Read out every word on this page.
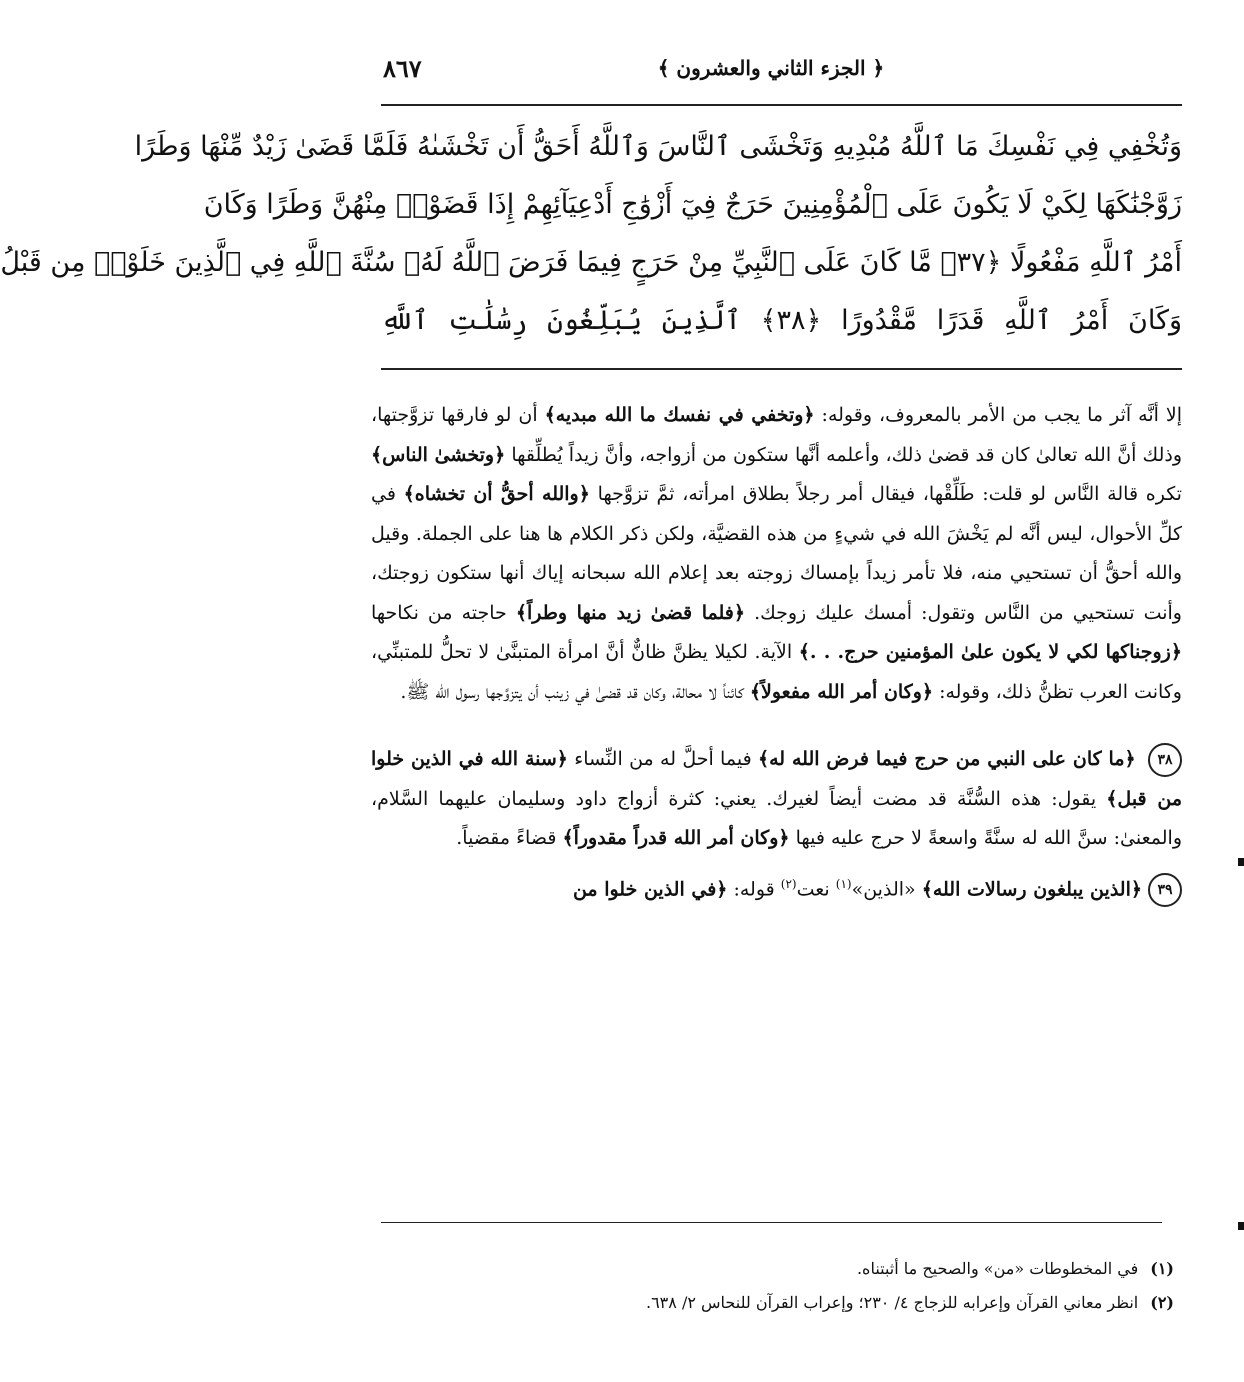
﴿ الجزء الثاني والعشرون ﴾
٨٦٧
وَتُخْفِي فِي نَفْسِكَ مَا ٱللَّهُ مُبْدِيهِ وَتَخْشَى ٱلنَّاسَ وَٱللَّهُ أَحَقُّ أَن تَخْشَىٰهُ فَلَمَّا قَضَىٰ زَيْدٌ مِّنْهَا وَطَرًا
زَوَّجْنَٰكَهَا لِكَيْ لَا يَكُونَ عَلَى ٱلْمُؤْمِنِينَ حَرَجٌ فِيٓ أَزْوَٰجِ أَدْعِيَآئِهِمْ إِذَا قَضَوْا۟ مِنْهُنَّ وَطَرًا وَكَانَ
أَمْرُ ٱللَّهِ مَفْعُولًا ﴿٣٧﴾ مَّا كَانَ عَلَى ٱلنَّبِيِّ مِنْ حَرَجٍ فِيمَا فَرَضَ ٱللَّهُ لَهُۥ سُنَّةَ ٱللَّهِ فِي ٱلَّذِينَ خَلَوْا۟ مِن قَبْلُ
وَكَانَ أَمْرُ ٱللَّهِ قَدَرًا مَّقْدُورًا ﴿٣٨﴾ ٱلَّذِينَ يُبَلِّغُونَ رِسَٰلَٰتِ ٱللَّهِ

إلا أنَّه آثر ما يجب من الأمر بالمعروف، وقوله: ﴿وتخفي في نفسك ما الله مبديه﴾ أن لو فارقها تزوَّجتها، وذلك أنَّ الله تعالىٰ كان قد قضىٰ ذلك، وأعلمه أنَّها ستكون من أزواجه، وأنَّ زيداً يُطلِّقها ﴿وتخشىٰ الناس﴾ تكره قالة النَّاس لو قلت: طَلِّقْها، فيقال أمر رجلاً بطلاق امرأته، ثمَّ تزوَّجها ﴿والله أحقُّ أن تخشاه﴾ في كلِّ الأحوال، ليس أنَّه لم يَخْشَ الله في شيءٍ من هذه القضيَّة، ولكن ذكر الكلام ها هنا على الجملة. وقيل والله أحقُّ أن تستحيي منه، فلا تأمر زيداً بإمساك زوجته بعد إعلام الله سبحانه إياك أنها ستكون زوجتك، وأنت تستحيي من النَّاس وتقول: أمسك عليك زوجك. ﴿فلما قضىٰ زيد منها وطراً﴾ حاجته من نكاحها ﴿زوجناكها لكي لا يكون علىٰ المؤمنين حرج. . .﴾ الآية. لكيلا يظنَّ ظانٌّ أنَّ امرأة المتبنَّىٰ لا تحلُّ للمتبنِّي، وكانت العرب تظنُّ ذلك، وقوله: ﴿وكان أمر الله مفعولاً﴾ كائناً لا محالة، وكان قد قضىٰ في زينب أن يتزوَّجها رسول الله ﷺ.

٣٨ ﴿ما كان على النبي من حرج فيما فرض الله له﴾ فيما أحلَّ له من النِّساء ﴿سنة الله في الذين خلوا من قبل﴾ يقول: هذه السُّنَّة قد مضت أيضاً لغيرك. يعني: كثرة أزواج داود وسليمان عليهما السَّلام، والمعنىٰ: سنَّ الله له سنَّةً واسعةً لا حرج عليه فيها ﴿وكان أمر الله قدراً مقدوراً﴾ قضاءً مقضياً.

٣٩﴿الذين يبلغون رسالات الله﴾ «الذين»$^{(١)}$ نعت$^{(٢)}$ قوله: ﴿في الذين خلوا من

(١)في المخطوطات «من» والصحيح ما أثبتناه.
(٢)انظر معاني القرآن وإعرابه للزجاج ٤/ ٢٣٠؛ وإعراب القرآن للنحاس ٢/ ٦٣٨.
